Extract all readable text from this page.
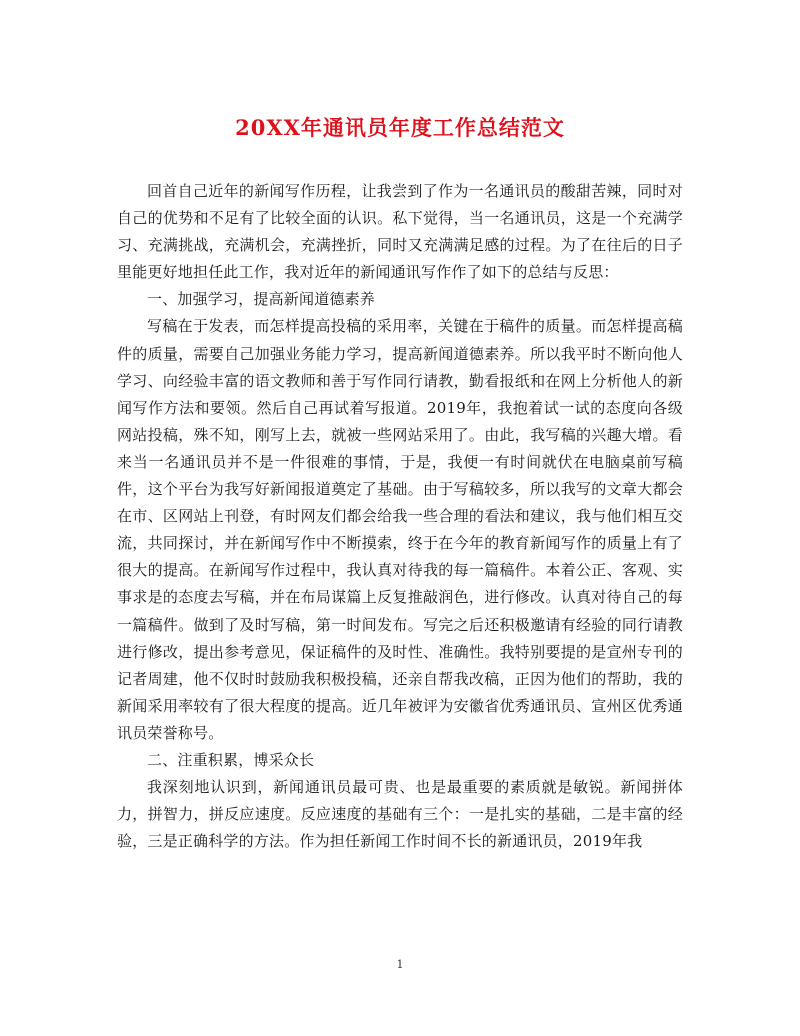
20XX年通讯员年度工作总结范文

回首自己近年的新闻写作历程，让我尝到了作为一名通讯员的酸甜苦辣，同时对自己的优势和不足有了比较全面的认识。私下觉得，当一名通讯员，这是一个充满学习、充满挑战，充满机会，充满挫折，同时又充满满足感的过程。为了在往后的日子里能更好地担任此工作，我对近年的新闻通讯写作作了如下的总结与反思：

一、加强学习，提高新闻道德素养

写稿在于发表，而怎样提高投稿的采用率，关键在于稿件的质量。而怎样提高稿件的质量，需要自己加强业务能力学习，提高新闻道德素养。所以我平时不断向他人学习、向经验丰富的语文教师和善于写作同行请教，勤看报纸和在网上分析他人的新闻写作方法和要领。然后自己再试着写报道。2019年，我抱着试一试的态度向各级网站投稿，殊不知，刚写上去，就被一些网站采用了。由此，我写稿的兴趣大增。看来当一名通讯员并不是一件很难的事情，于是，我便一有时间就伏在电脑桌前写稿件，这个平台为我写好新闻报道奠定了基础。由于写稿较多，所以我写的文章大都会在市、区网站上刊登，有时网友们都会给我一些合理的看法和建议，我与他们相互交流，共同探讨，并在新闻写作中不断摸索，终于在今年的教育新闻写作的质量上有了很大的提高。在新闻写作过程中，我认真对待我的每一篇稿件。本着公正、客观、实事求是的态度去写稿，并在布局谋篇上反复推敲润色，进行修改。认真对待自己的每一篇稿件。做到了及时写稿，第一时间发布。写完之后还积极邀请有经验的同行请教进行修改，提出参考意见，保证稿件的及时性、准确性。我特别要提的是宣州专刊的记者周建，他不仅时时鼓励我积极投稿，还亲自帮我改稿，正因为他们的帮助，我的新闻采用率较有了很大程度的提高。近几年被评为安徽省优秀通讯员、宣州区优秀通讯员荣誉称号。

二、注重积累，博采众长

我深刻地认识到，新闻通讯员最可贵、也是最重要的素质就是敏锐。新闻拼体力，拼智力，拼反应速度。反应速度的基础有三个：一是扎实的基础，二是丰富的经验，三是正确科学的方法。作为担任新闻工作时间不长的新通讯员，2019年我

1
